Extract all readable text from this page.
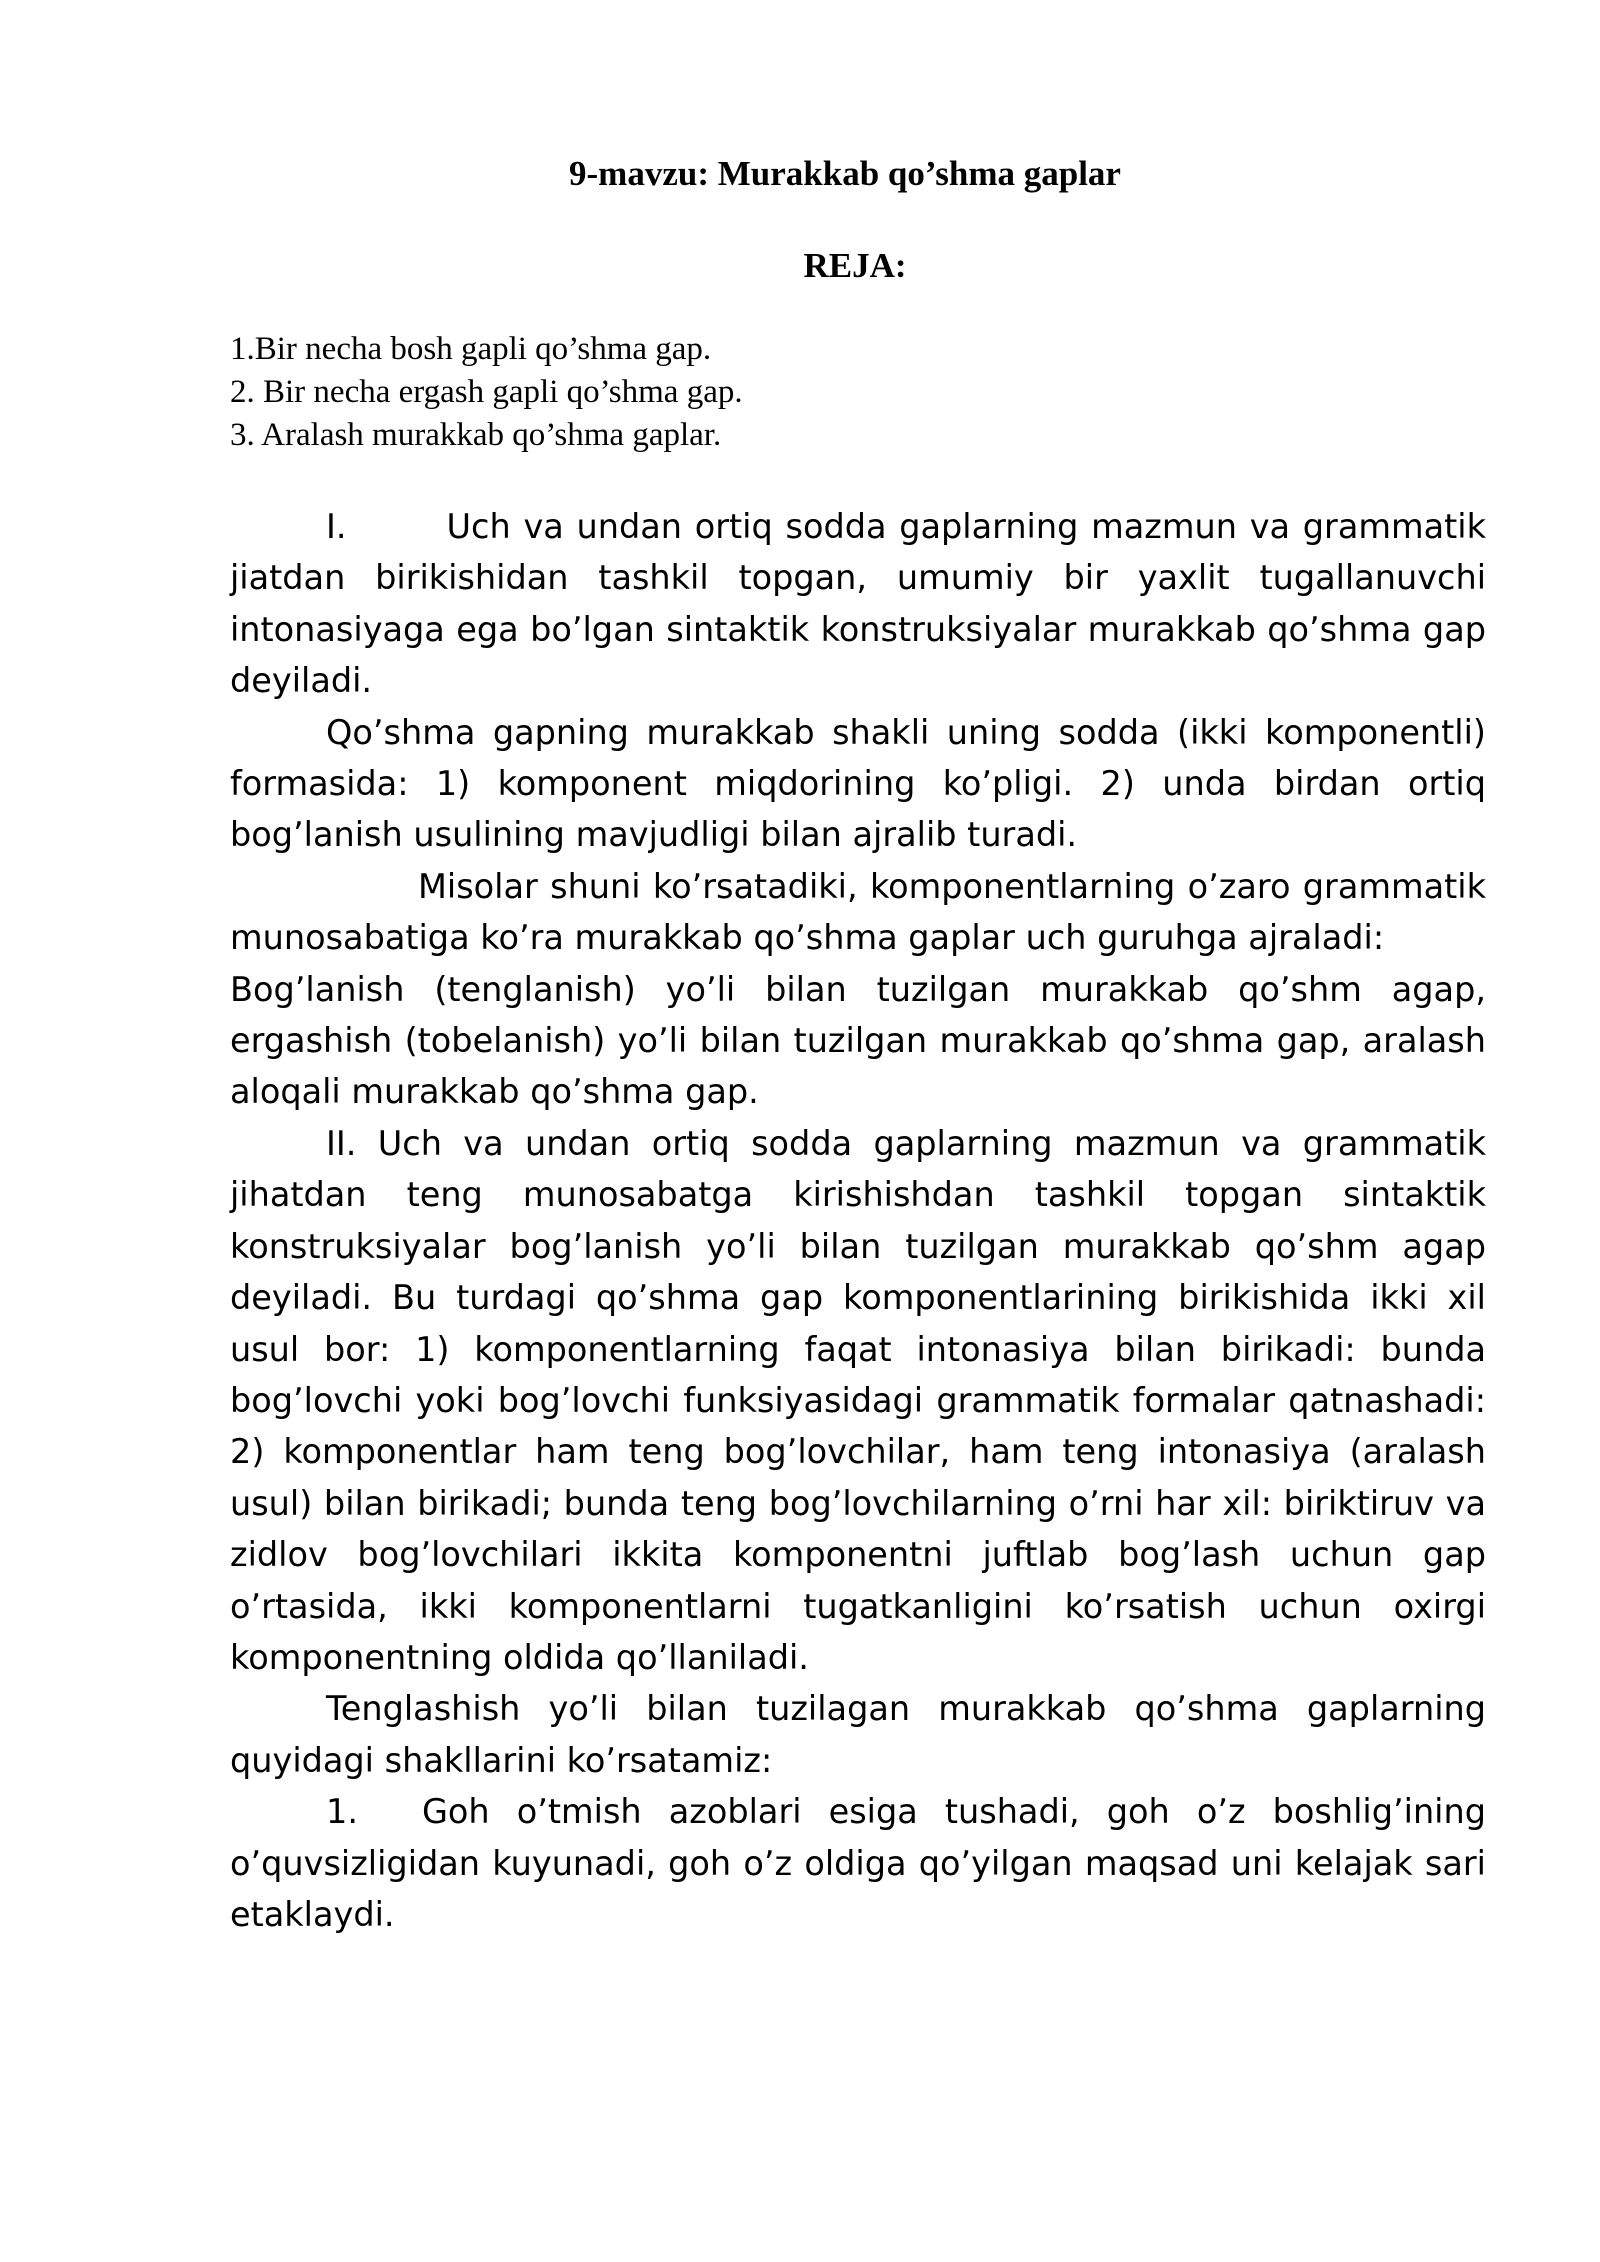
9-mavzu: Murakkab qo’shma gaplar
REJA:
1.Bir necha bosh gapli qo’shma gap.
2. Bir necha ergash gapli qo’shma gap.
3. Aralash murakkab qo’shma gaplar.

I.	Uch va undan ortiq sodda gaplarning mazmun va grammatik jiatdan birikishidan tashkil topgan, umumiy bir yaxlit tugallanuvchi intonasiyaga ega bo’lgan sintaktik konstruksiyalar murakkab qo’shma gap deyiladi.

Qo’shma gapning murakkab shakli uning sodda (ikki komponentli) formasida: 1) komponent miqdorining ko’pligi. 2) unda birdan ortiq bog’lanish usulining mavjudligi bilan ajralib turadi.

Misolar shuni ko’rsatadiki, komponentlarning o’zaro grammatik munosabatiga ko’ra murakkab qo’shma gaplar uch guruhga ajraladi:

Bog’lanish (tenglanish) yo’li bilan tuzilgan murakkab qo’shm agap, ergashish (tobelanish) yo’li bilan tuzilgan murakkab qo’shma gap, aralash aloqali murakkab qo’shma gap.

II. Uch va undan ortiq sodda gaplarning mazmun va grammatik jihatdan teng munosabatga kirishishdan tashkil topgan sintaktik konstruksiyalar bog’lanish yo’li bilan tuzilgan murakkab qo’shm agap deyiladi. Bu turdagi qo’shma gap komponentlarining birikishida ikki xil usul bor: 1) komponentlarning faqat intonasiya bilan birikadi: bunda bog’lovchi yoki bog’lovchi funksiyasidagi grammatik formalar qatnashadi: 2) komponentlar ham teng bog’lovchilar, ham teng intonasiya (aralash usul) bilan birikadi; bunda teng bog’lovchilarning o’rni har xil: biriktiruv va zidlov bog’lovchilari ikkita komponentni juftlab bog’lash uchun gap o’rtasida, ikki komponentlarni tugatkanligini ko’rsatish uchun oxirgi komponentning oldida qo’llaniladi.

Tenglashish yo’li bilan tuzilagan murakkab qo’shma gaplarning quyidagi shakllarini ko’rsatamiz:

1. Goh o’tmish azoblari esiga tushadi, goh o’z boshlig’ining o’quvsizligidan kuyunadi, goh o’z oldiga qo’yilgan maqsad uni kelajak sari etaklaydi.
